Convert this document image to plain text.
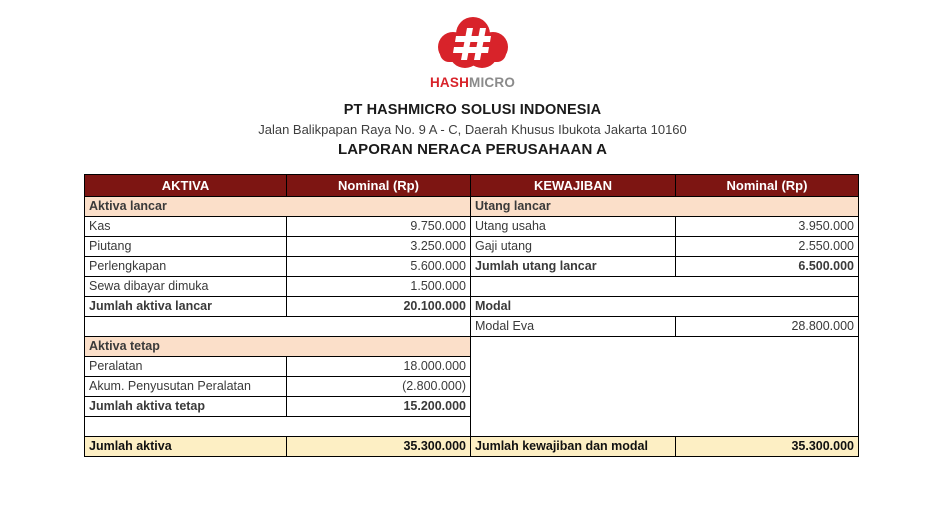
HASHMICRO
PT HASHMICRO SOLUSI INDONESIA
Jalan Balikpapan Raya No. 9 A - C, Daerah Khusus Ibukota Jakarta 10160
LAPORAN NERACA PERUSAHAAN A
AKTIVA	Nominal (Rp)	KEWAJIBAN	Nominal (Rp)
Aktiva lancar		Utang lancar	
Kas	9.750.000	Utang usaha	3.950.000
Piutang	3.250.000	Gaji utang	2.550.000
Perlengkapan	5.600.000	Jumlah utang lancar	6.500.000
Sewa dibayar dimuka	1.500.000		
Jumlah aktiva lancar	20.100.000	Modal	
		Modal Eva	28.800.000
Aktiva tetap			
Peralatan	18.000.000		
Akum. Penyusutan Peralatan	(2.800.000)		
Jumlah aktiva tetap	15.200.000		

Jumlah aktiva	35.300.000	Jumlah kewajiban dan modal	35.300.000
